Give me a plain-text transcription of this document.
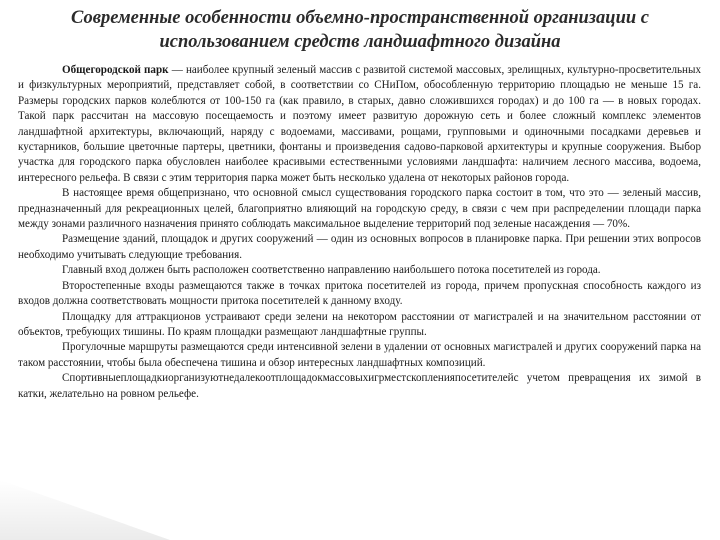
Современные особенности объемно-пространственной организации с
использованием средств ландшафтного дизайна

Общегородской парк — наиболее крупный зеленый массив с развитой системой массовых, зрелищных, культурно-просветительных и физкультурных мероприятий, представляет собой, в соответствии со СНиПом, обособленную территорию площадью не меньше 15 га. Размеры городских парков колеблются от 100-150 га (как правило, в старых, давно сложившихся городах) и до 100 га — в новых городах. Такой парк рассчитан на массовую посещаемость и поэтому имеет развитую дорожную сеть и более сложный комплекс элементов ландшафтной архитектуры, включающий, наряду с водоемами, массивами, рощами, групповыми и одиночными посадками деревьев и кустарников, большие цветочные партеры, цветники, фонтаны и произведения садово-парковой архитектуры и крупные сооружения. Выбор участка для городского парка обусловлен наиболее красивыми естественными условиями ландшафта: наличием лесного массива, водоема, интересного рельефа. В связи с этим территория парка может быть несколько удалена от некоторых районов города.

В настоящее время общепризнано, что основной смысл существования городского парка состоит в том, что это — зеленый массив, предназначенный для рекреационных целей, благоприятно влияющий на городскую среду, в связи с чем при распределении площади парка между зонами различного назначения принято соблюдать максимальное выделение территорий под зеленые насаждения — 70%.

Размещение зданий, площадок и других сооружений — один из основных вопросов в планировке парка. При решении этих вопросов необходимо учитывать следующие требования.

Главный вход должен быть расположен соответственно направлению наибольшего потока посетителей из города.

Второстепенные входы размещаются также в точках притока посетителей из города, причем пропускная способность каждого из входов должна соответствовать мощности притока посетителей к данному входу.

Площадку для аттракционов устраивают среди зелени на некотором расстоянии от магистралей и на значительном расстоянии от объектов, требующих тишины. По краям площадки размещают ландшафтные группы.

Прогулочные маршруты размещаются среди интенсивной зелени в удалении от основных магистралей и других сооружений парка на таком расстоянии, чтобы была обеспечена тишина и обзор интересных ландшафтных композиций.

Спортивныеплощадкиорганизуютнедалекоотплощадокмассовыхигрместскопленияпосетителейс учетом превращения их зимой в катки, желательно на ровном рельефе.
